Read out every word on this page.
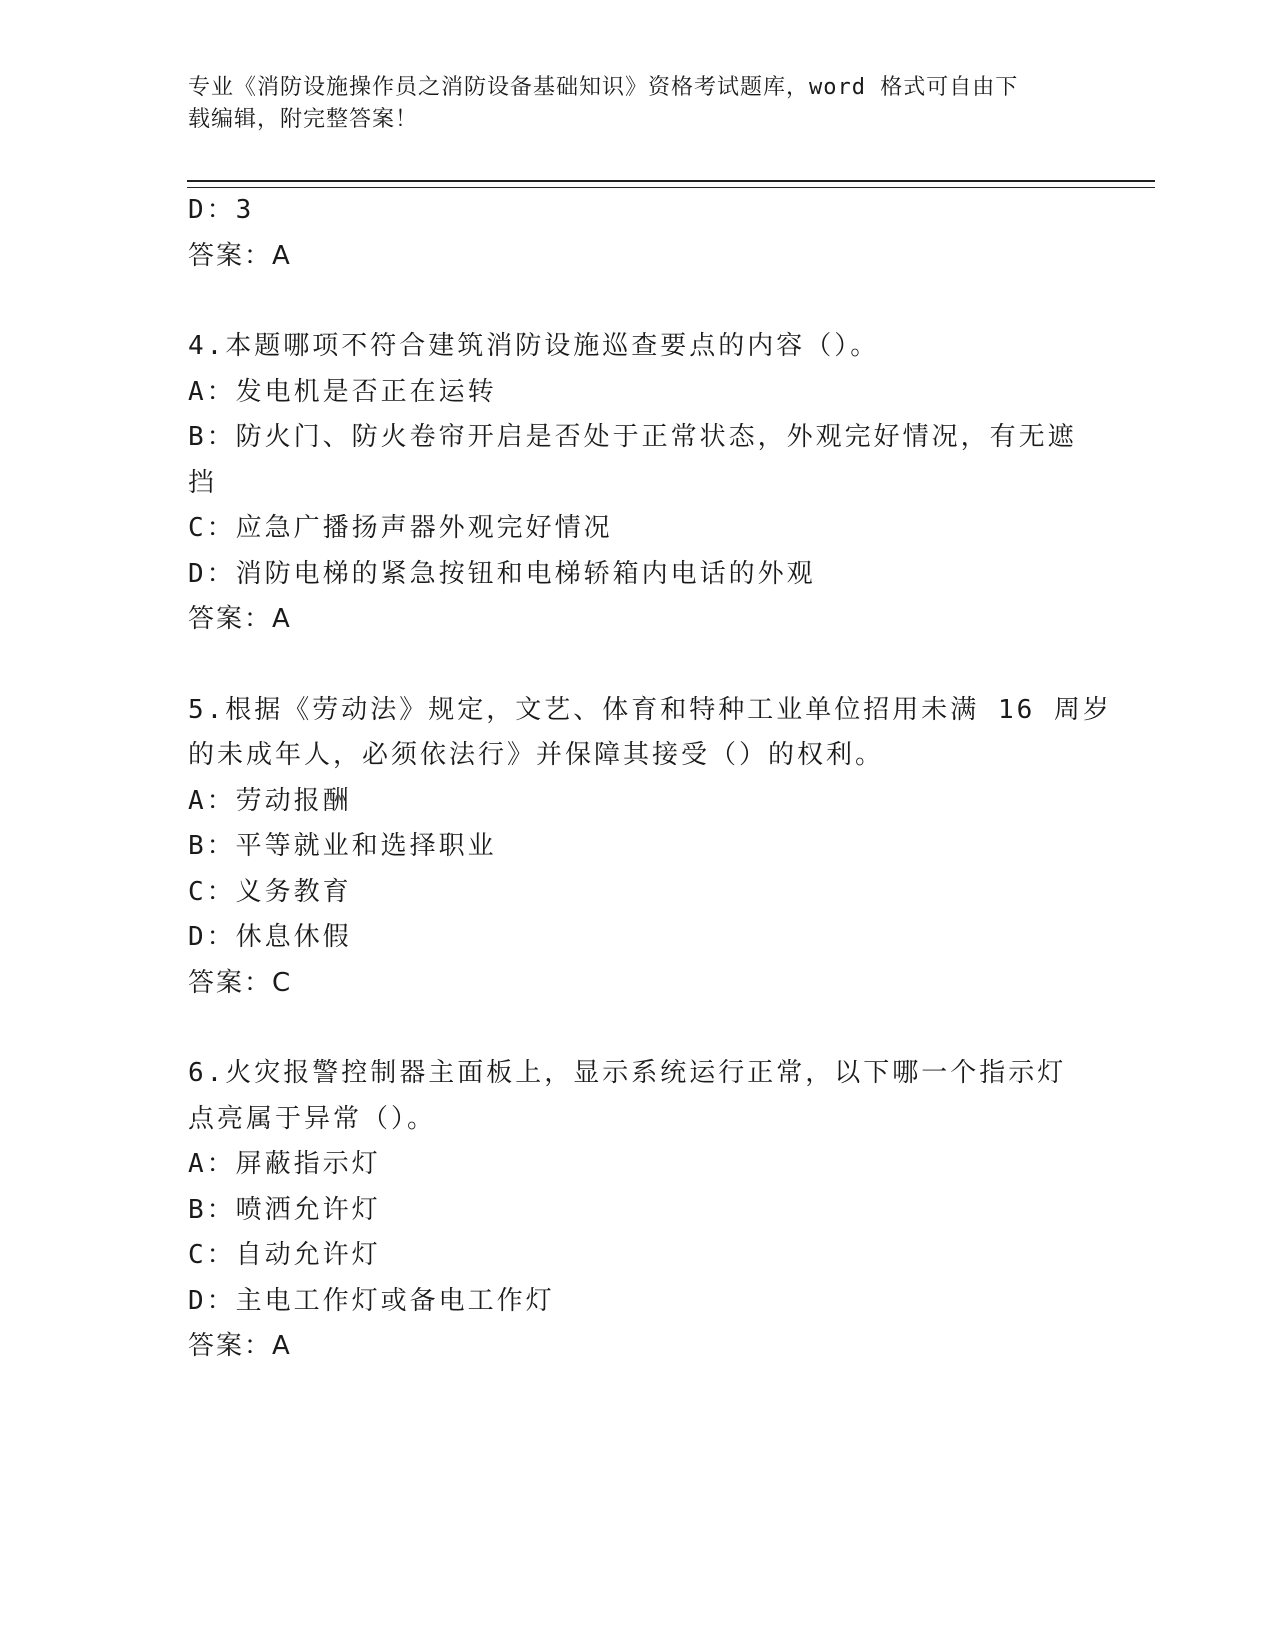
专业《消防设施操作员之消防设备基础知识》资格考试题库，word 格式可自由下
载编辑，附完整答案！
D：3
答案：A
4.本题哪项不符合建筑消防设施巡查要点的内容（）。
A：发电机是否正在运转
B：防火门、防火卷帘开启是否处于正常状态，外观完好情况，有无遮
挡
C：应急广播扬声器外观完好情况
D：消防电梯的紧急按钮和电梯轿箱内电话的外观
答案：A
5.根据《劳动法》规定，文艺、体育和特种工业单位招用未满 16 周岁
的未成年人，必须依法行》并保障其接受（）的权利。
A：劳动报酬
B：平等就业和选择职业
C：义务教育
D：休息休假
答案：C
6.火灾报警控制器主面板上，显示系统运行正常，以下哪一个指示灯
点亮属于异常（）。
A：屏蔽指示灯
B：喷洒允许灯
C：自动允许灯
D：主电工作灯或备电工作灯
答案：A
